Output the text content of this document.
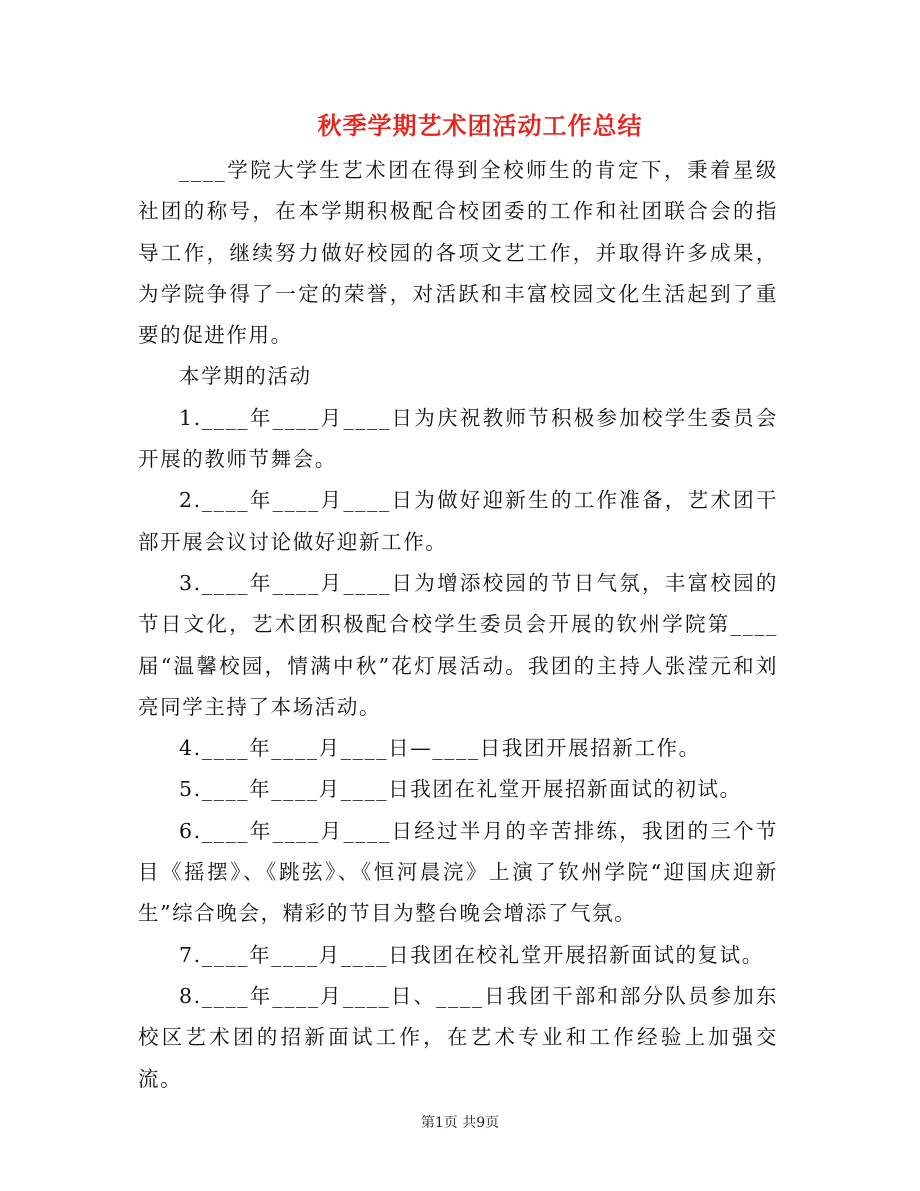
秋季学期艺术团活动工作总结

____学院大学生艺术团在得到全校师生的肯定下，秉着星级社团的称号，在本学期积极配合校团委的工作和社团联合会的指导工作，继续努力做好校园的各项文艺工作，并取得许多成果，为学院争得了一定的荣誉，对活跃和丰富校园文化生活起到了重要的促进作用。

本学期的活动

1.____年____月____日为庆祝教师节积极参加校学生委员会开展的教师节舞会。

2.____年____月____日为做好迎新生的工作准备，艺术团干部开展会议讨论做好迎新工作。

3.____年____月____日为增添校园的节日气氛，丰富校园的节日文化，艺术团积极配合校学生委员会开展的钦州学院第____届“温馨校园，情满中秋”花灯展活动。我团的主持人张滢元和刘亮同学主持了本场活动。

4.____年____月____日—____日我团开展招新工作。

5.____年____月____日我团在礼堂开展招新面试的初试。

6.____年____月____日经过半月的辛苦排练，我团的三个节目《摇摆》、《跳弦》、《恒河晨浣》上演了钦州学院“迎国庆迎新生”综合晚会，精彩的节目为整台晚会增添了气氛。

7.____年____月____日我团在校礼堂开展招新面试的复试。

8.____年____月____日、____日我团干部和部分队员参加东校区艺术团的招新面试工作，在艺术专业和工作经验上加强交流。

第1页 共9页
